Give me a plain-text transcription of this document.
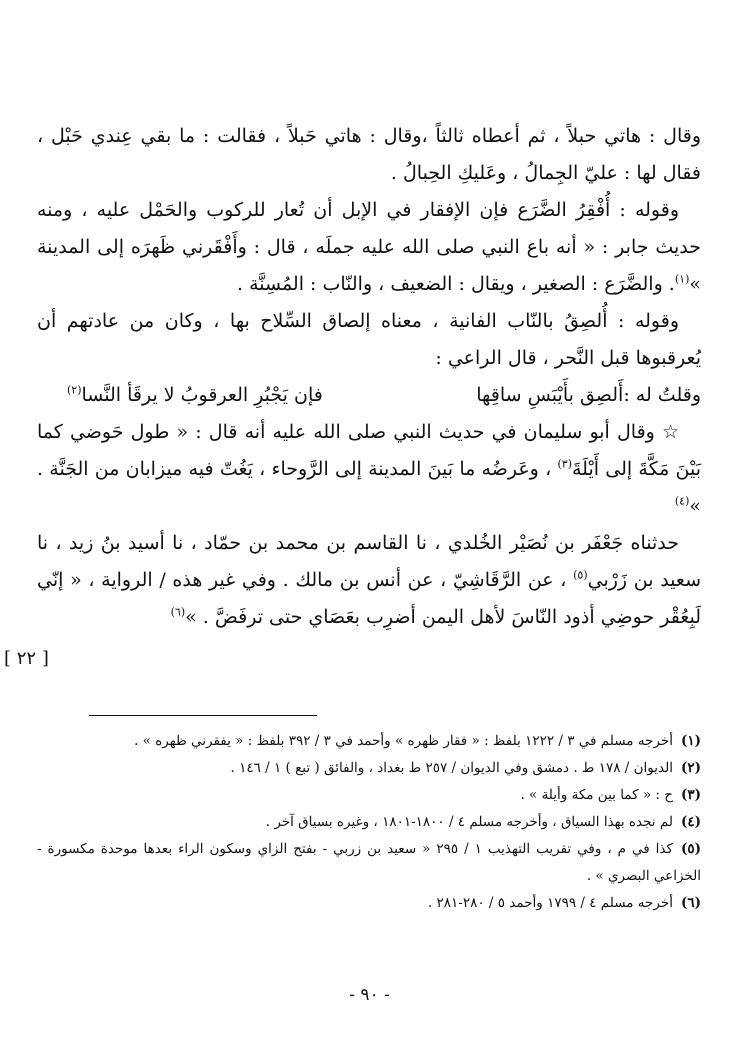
وقال : هاتي حبلاً ، ثم أعطاه ثالثاً ،وقال : هاتي حَبلاً ، فقالت : ما بقي عِندي حَبْل ، فقال لها : عليّ الجِمالُ ، وعَليكِ الحِبالُ .

وقوله : أُفْقِرُ الضَّرَع فإن الإفقار في الإبل أن تُعار للركوب والحَمْل عليه ، ومنه حديث جابر : « أنه باع النبي صلى الله عليه جملَه ، قال : وأَفْقَرني ظَهرَه إلى المدينة »$^{(١)}$. والضَّرَع : الصغير ، ويقال : الضعيف ، والنّاب : المُسِنَّة .

وقوله : أُلصِقُ بالنّاب الفانية ، معناه إلصاق السِّلاح بها ، وكان من عادتهم أن يُعرقبوها قبل النَّحر ، قال الراعي :

وقلتُ له :أَلصِق بأَيْبَسِ ساقِها
فإن يَجْبُرِ العرقوبُ لا يرقَأ النَّسا$^{(٢)}$

☆ وقال أبو سليمان في حديث النبي صلى الله عليه أنه قال : « طول حَوضي كما بَيْنَ مَكَّةَ إلى أَيْلَةَ$^{(٣)}$ ، وعَرضُه ما بَينَ المدينة إلى الرَّوحاء ، يَغُتّ فيه ميزابان من الجَنَّة . »$^{(٤)}$

حدثناه جَعْفَر بن نُصَيْر الخُلدي ، نا القاسم بن محمد بن حمّاد ، نا أسيد بنُ زيد ، نا سعيد بن زَرْبي$^{(٥)}$ ، عن الرَّقَاشِيّ ، عن أنس بن مالك . وفي غير هذه / الرواية ، « إنّي لَبِعُقْر حوضِي أذود النّاسَ لأهل اليمن أضرِب بعَصَاي حتى ترفَضَّ . »$^{(٦)}$

[ ٢٢ ]

(١)أخرجه مسلم في ٣ / ١٢٢٢ بلفظ : « فقار ظهره » وأحمد في ٣ / ٣٩٢ بلفظ : « يفقرني ظهره » .

(٢)الديوان / ١٧٨ ط . دمشق وفي الديوان / ٢٥٧ ط بغداد ، والفائق ( تبع ) ١ / ١٤٦ .

(٣)ح : « كما بين مكة وأيلة » .

(٤)لم نجده بهذا السياق ، وأخرجه مسلم ٤ / ١٨٠٠-١٨٠١ ، وغيره بسياق آخر .

(٥)كذا في م ، وفي تقريب التهذيب ١ / ٢٩٥ « سعيد بن زربي - بفتح الزاي وسكون الراء بعدها موحدة مكسورة - الخزاعي البصري » .

(٦)أخرجه مسلم ٤ / ١٧٩٩ وأحمد ٥ / ٢٨٠-٢٨١ .

- ٩٠ -
